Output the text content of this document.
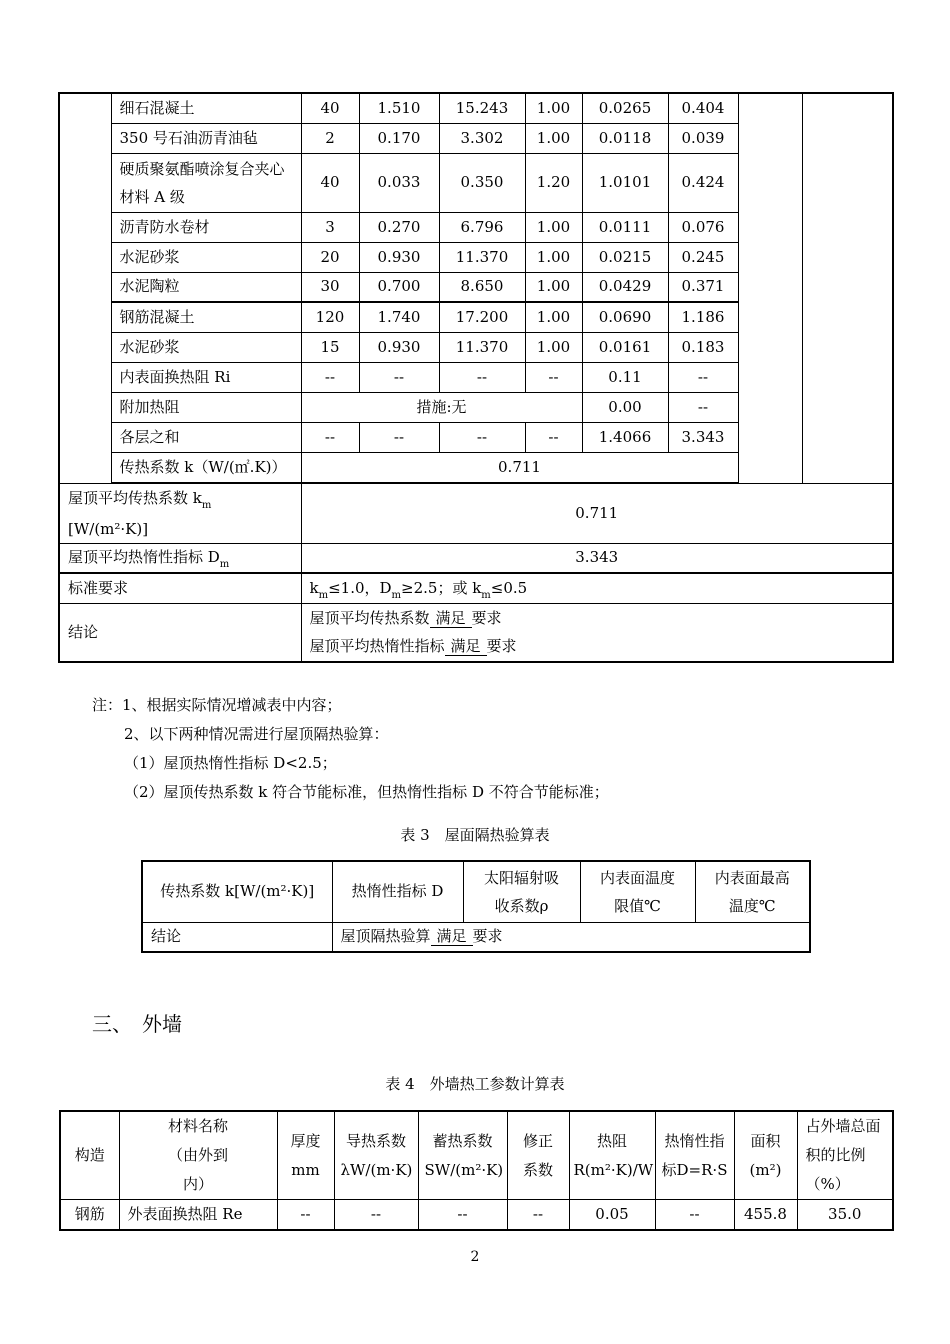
	细石混凝土	40	1.510	15.243	1.00	0.0265	0.404		
	350 号石油沥青油毡	2	0.170	3.302	1.00	0.0118	0.039		
	硬质聚氨酯喷涂复合夹心材料 A 级	40	0.033	0.350	1.20	1.0101	0.424		
	沥青防水卷材	3	0.270	6.796	1.00	0.0111	0.076		
	水泥砂浆	20	0.930	11.370	1.00	0.0215	0.245		
	水泥陶粒	30	0.700	8.650	1.00	0.0429	0.371		
	钢筋混凝土	120	1.740	17.200	1.00	0.0690	1.186		
	水泥砂浆	15	0.930	11.370	1.00	0.0161	0.183		
	内表面换热阻 Ri	--	--	--	--	0.11	--		
	附加热阻	措施:无				0.00	--		
	各层之和	--	--	--	--	1.4066	3.343		
	传热系数 k（W/(㎡.K)）	0.711							

屋顶平均传热系数 $k_m$
[W/(m²·K)]		0.711							
屋顶平均热惰性指标 $D_m$		3.343							
标准要求		$k_m\le 1.0$，$D_m\ge 2.5$；或 $k_m\le 0.5$							
结论		屋顶平均传热系数 满足 要求
屋顶平均热惰性指标 满足 要求							
注：1、根据实际情况增减表中内容；
2、以下两种情况需进行屋顶隔热验算：
（1）屋顶热惰性指标 D<2.5；
（2）屋顶传热系数 k 符合节能标准，但热惰性指标 D 不符合节能标准；
表 3　屋面隔热验算表
传热系数 k[W/(m²·K)]	热惰性指标 D	太阳辐射吸收系数ρ	内表面温度限值℃	内表面最高温度℃
结论	屋顶隔热验算 满足 要求			
三、　外墙
表 4　外墙热工参数计算表
构造	材料名称（由外到内）	厚度mm	导热系数λW/(m·K)	蓄热系数SW/(m²·K)	修正系数	热阻 R(m²·K)/W	热惰性指标D=R·S	面积(m²)	占外墙总面积的比例（%）
钢筋	外表面换热阻 Re	--	--	--	--	0.05	--	455.8	35.0
2
